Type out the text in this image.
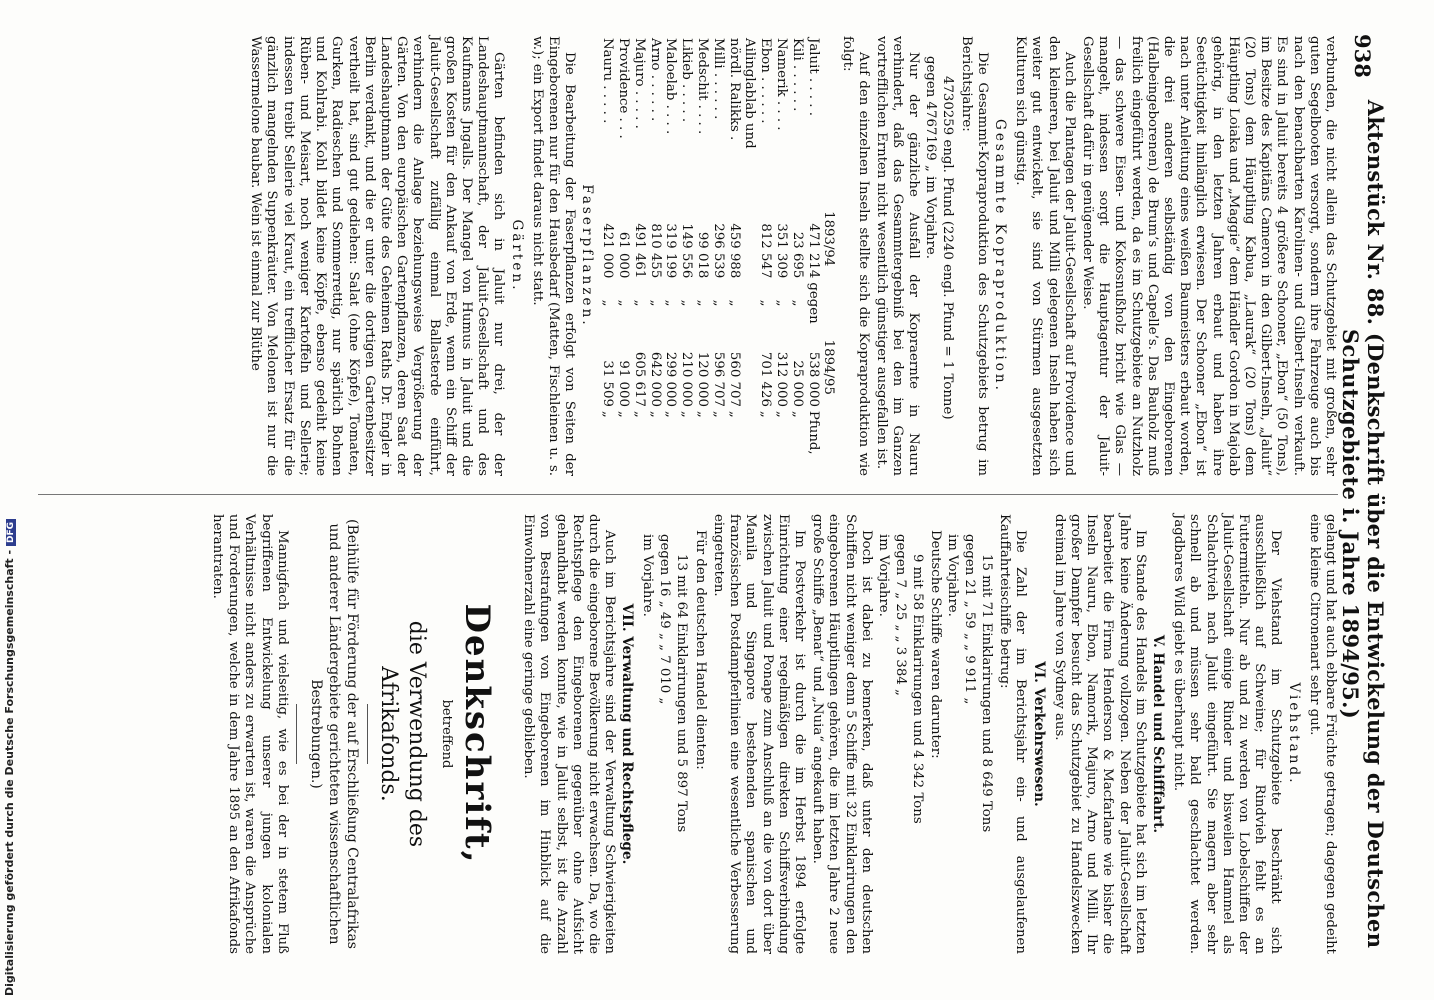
938
Aktenstück Nr. 88. (Denkschrift über die Entwickelung der Deutschen Schutzgebiete i. Jahre 1894/95.)

verbunden, die nicht allein das Schutzgebiet mit großen, sehr guten Segelbooten versorgt, sondern ihre Fahrzeuge auch bis nach den benachbarten Karolinen- und Gilbert-Inseln verkauft. Es sind in Jaluit bereits 4 größere Schooner, „Ebon“ (50 Tons), im Besitze des Kapitäns Cameron in den Gilbert-Inseln, „Jaluit“ (20 Tons) dem Häuptling Kabua, „Laurak“ (20 Tons) dem Häuptling Loiaka und „Maggie“ dem Händler Gordon in Majolab gehörig, in den letzten Jahren erbaut und haben ihre Seetüchtigkeit hinlänglich erwiesen. Der Schooner „Ebon“ ist nach unter Anleitung eines weißen Baumeisters erbaut worden, die drei anderen selbständig von den Eingeborenen (Halbeingeborenen) de Brum’s und Capelle’s. Das Bauholz muß freilich eingeführt werden, da es im Schutzgebiete an Nutzholz — das schwere Eisen- und Kokosnußholz bricht wie Glas — mangelt, indessen sorgt die Hauptagentur der Jaluit-Gesellschaft dafür in genügender Weise.

Auch die Plantagen der Jaluit-Gesellschaft auf Providence und den kleineren, bei Jaluit und Milli gelegenen Inseln haben sich weiter gut entwickelt, sie sind von Stürmen ausgesetzten Kulturen sich günstig.

Gesammte Kopraproduktion.

Die Gesammt-Kopraproduktion des Schutzgebiets betrug im Berichtsjahre:

4730259 engl. Pfund (2240 engl. Pfund = 1 Tonne)
gegen 4767169 „ im Vorjahre.

Nur der gänzliche Ausfall der Kopraernte in Nauru verhindert, daß das Gesammtergebniß bei den im Ganzen vortrefflichen Ernten nicht wesentlich günstiger ausgefallen ist.

Auf den einzelnen Inseln stellte sich die Kopraproduktion wie folgt:

	1893/94		1894/95	
Jaluit . . . . .	471 214	gegen	538 000	Pfund,
Kili . . . . . .	23 695	„	25 000	„
Namerik . . . .	351 309	„	312 000	„
Ebon . . . . . .	812 547	„	701 426	„
Ailinglablab und				
nördl. Ralikks .	459 988	„	560 707	„
Milli . . . . . .	296 539	„	596 707	„
Medschit . . . .	99 018	„	120 000	„
Likieb . . . . .	149 556	„	210 000	„
Maloelab . . . .	319 199	„	299 000	„
Arno . . . . . .	810 455	„	642 000	„
Majuro . . . . .	491 461	„	605 617	„
Providence . . .	61 000	„	91 000	„
Nauru . . . . .	421 000	„	31 509	„
Faserpflanzen.

Die Bearbeitung der Faserpflanzen erfolgt von Seiten der Eingeborenen nur für den Hausbedarf (Matten, Fischleinen u. s. w.); ein Export findet daraus nicht statt.

Gärten.

Gärten befinden sich in Jaluit nur drei, der der Landeshauptmannschaft, der Jaluit-Gesellschaft und des Kaufmanns Jngalls. Der Mangel von Humus in Jaluit und die großen Kosten für den Ankauf von Erde, wenn ein Schiff der Jaluit-Gesellschaft zufällig einmal Ballasterde einführt, verhindern die Anlage beziehungsweise Vergrößerung der Gärten. Von den europäischen Gartenpflanzen, deren Saat der Landeshauptmann der Güte des Geheimen Raths Dr. Engler in Berlin verdankt, und die er unter die dortigen Gartenbesitzer vertheilt hat, sind gut gediehen: Salat (ohne Köpfe), Tomaten, Gurken, Radieschen und Sommerrettig, nur spärlich Bohnen und Kohlrabi. Kohl bildet keine Köpfe, ebenso gedeiht keine Rüben- und Meisart, noch weniger Kartoffeln und Sellerie; indessen treibt Sellerie viel Kraut, ein trefflicher Ersatz für die gänzlich mangelnden Suppenkräuter. Von Melonen ist nur die Wassermelone baubar. Wein ist einmal zur Blüthe

gelangt und hat auch ebbare Früchte getragen; dagegen gedeiht eine kleine Citronenart sehr gut.

Viehstand.

Der Viehstand im Schutzgebiete beschränkt sich ausschließlich auf Schweine; für Rindvieh fehlt es an Futtermitteln. Nur ab und zu werden von Lobelschiffen der Jaluit-Gesellschaft einige Rinder und bisweilen Hammel als Schlachtvieh nach Jaluit eingeführt. Sie magern aber sehr schnell ab und müssen sehr bald geschlachtet werden. Jagdbares Wild giebt es überhaupt nicht.

V. Handel und Schifffahrt.

Im Stande des Handels im Schutzgebiete hat sich im letzten Jahre keine Änderung vollzogen. Neben der Jaluit-Gesellschaft bearbeitet die Firma Henderson & Macfarlane wie bisher die Inseln Nauru, Ebon, Namorik, Majuro, Arno und Milli. Ihr großer Dampfer besucht das Schutzgebiet zu Handelszwecken dreimal im Jahre von Sydney aus.

VI. Verkehrswesen.

Die Zahl der im Berichtsjahr ein- und ausgelaufenen Kauffahrteischiffe betrug:

15 mit 71 Einklarirungen und 8 649 Tons
gegen 21 „ 59 „ „ 9 911 „
im Vorjahre.

Deutsche Schiffe waren darunter:

9 mit 58 Einklarirungen und 4 342 Tons
gegen 7 „ 25 „ „ 3 384 „
im Vorjahre.

Doch ist dabei zu bemerken, daß unter den deutschen Schiffen nicht weniger denn 5 Schiffe mit 32 Einklarirungen den eingeborenen Häuptlingen gehören, die im letzten Jahre 2 neue große Schiffe „Benat“ und „Nuia“ angekauft haben.

Im Postverkehr ist durch die im Herbst 1894 erfolgte Einrichtung einer regelmäßigen direkten Schiffsverbindung zwischen Jaluit und Ponape zum Anschluß an die von dort über Manila und Singapore bestehenden spanischen und französischen Postdampferlinien eine wesentliche Verbesserung eingetreten.

Für den deutschen Handel dienten:

13 mit 64 Einklarirungen und 5 897 Tons
gegen 16 „ 49 „ „ 7 010 „
im Vorjahre.
VII. Verwaltung und Rechtspflege.

Auch im Berichtsjahre sind der Verwaltung Schwierigkeiten durch die eingeborene Bevölkerung nicht erwachsen. Da, wo die Rechtspflege den Eingeborenen gegenüber ohne Aufsicht gehandhabt werden konnte, wie in Jaluit selbst, ist die Anzahl von Bestrafungen von Eingeborenen im Hinblick auf die Einwohnerzahl eine geringe geblieben.

Denkschrift,
betreffend
die Verwendung des
Afrikafonds.
(Beihülfe für Förderung der auf Erschließung Centralafrikas und anderer Ländergebiete gerichteten wissenschaftlichen Bestrebungen.)

Mannigfach und vielseitig, wie es bei der in stetem Fluß begriffenen Entwickelung unserer jungen kolonialen Verhältnisse nicht anders zu erwarten ist, waren die Ansprüche und Forderungen, welche in dem Jahre 1895 an den Afrikafonds herantraten.

Digitalisierung gefördert durch die Deutsche Forschungsgemeinschaft -DFG
